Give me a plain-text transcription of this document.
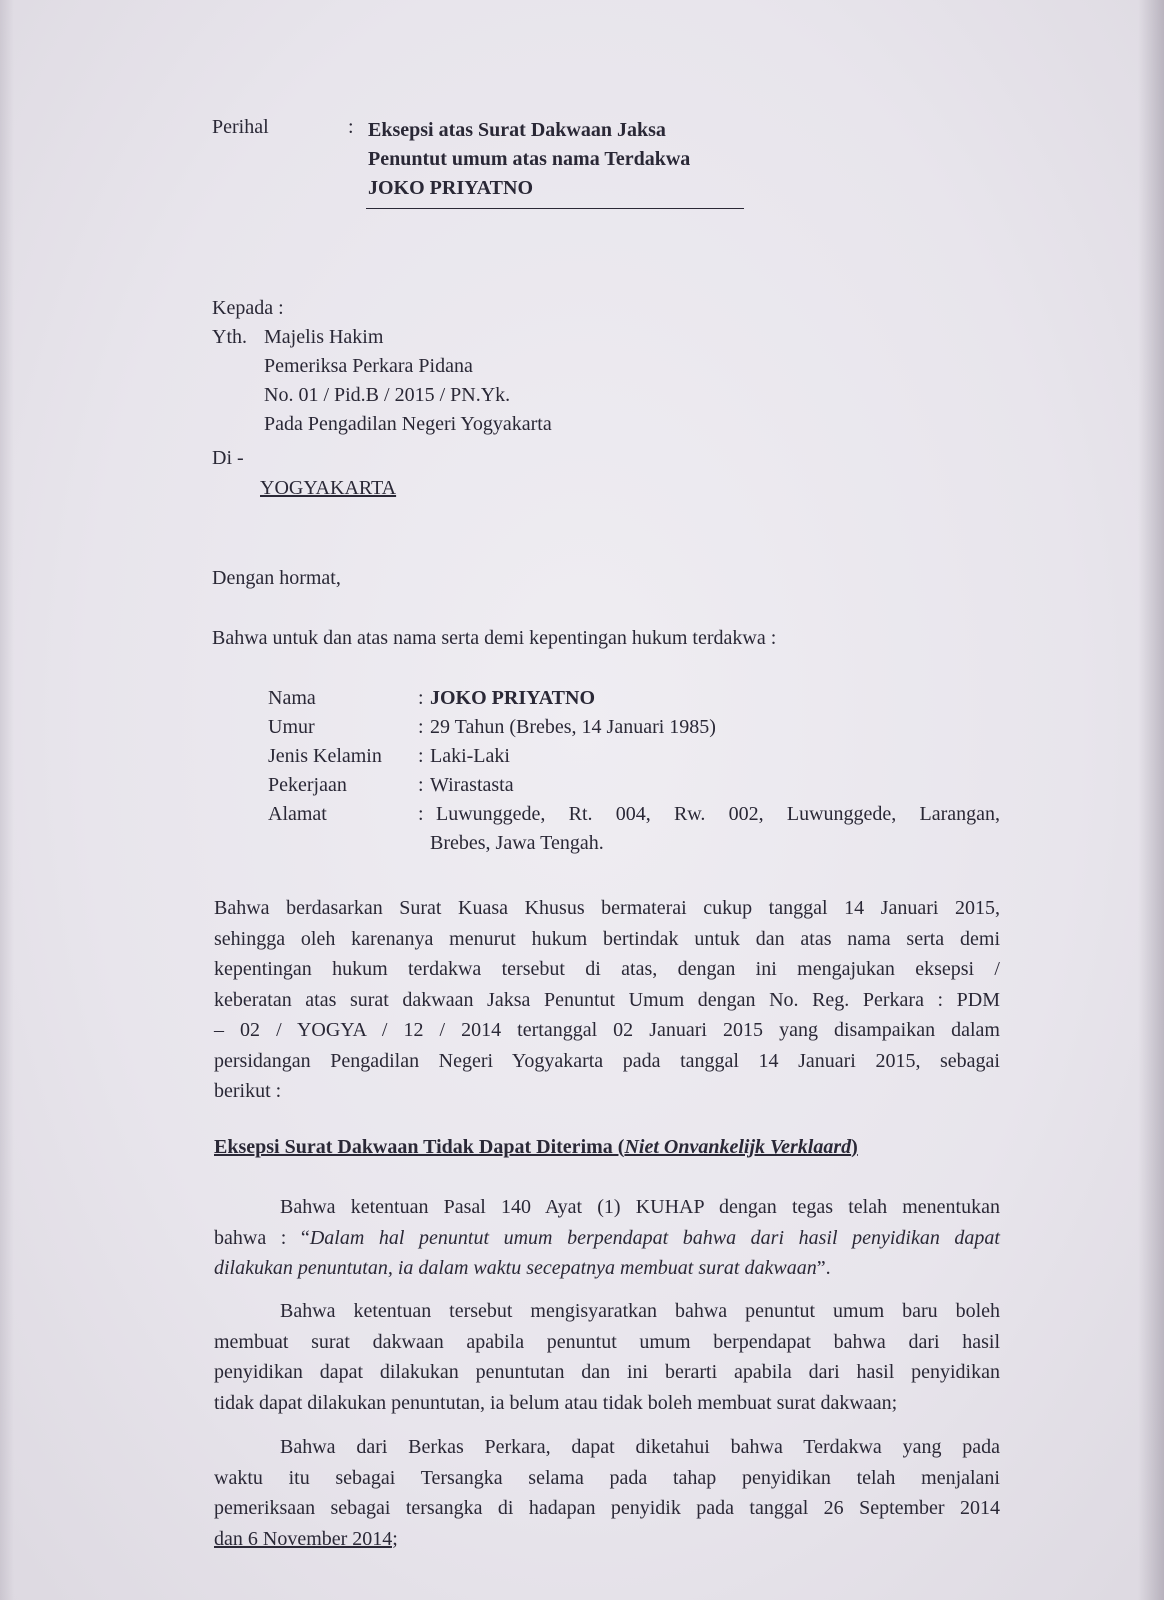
Perihal	: Eksepsi atas Surat Dakwaan Jaksa
Penuntut umum atas nama Terdakwa
JOKO PRIYATNO
Kepada :
Yth. Majelis Hakim
Pemeriksa Perkara Pidana
No. 01 / Pid.B / 2015 / PN.Yk.
Pada Pengadilan Negeri Yogyakarta
Di -
YOGYAKARTA
Dengan hormat,
Bahwa untuk dan atas nama serta demi kepentingan hukum terdakwa :
Nama	: JOKO PRIYATNO
Umur	: 29 Tahun (Brebes, 14 Januari 1985)
Jenis Kelamin : Laki-Laki
Pekerjaan	: Wirastasta
Alamat	: Luwunggede, Rt. 004, Rw. 002, Luwunggede, Larangan,
Brebes, Jawa Tengah.
Bahwa berdasarkan Surat Kuasa Khusus bermaterai cukup tanggal 14 Januari 2015,
sehingga oleh karenanya menurut hukum bertindak untuk dan atas nama serta demi
kepentingan hukum terdakwa tersebut di atas, dengan ini mengajukan eksepsi /
keberatan atas surat dakwaan Jaksa Penuntut Umum dengan No. Reg. Perkara : PDM
– 02 / YOGYA / 12 / 2014 tertanggal 02 Januari 2015 yang disampaikan dalam
persidangan Pengadilan Negeri Yogyakarta pada tanggal 14 Januari 2015, sebagai
berikut :
Eksepsi Surat Dakwaan Tidak Dapat Diterima (Niet Onvankelijk Verklaard)
Bahwa ketentuan Pasal 140 Ayat (1) KUHAP dengan tegas telah menentukan
bahwa : “Dalam hal penuntut umum berpendapat bahwa dari hasil penyidikan dapat
dilakukan penuntutan, ia dalam waktu secepatnya membuat surat dakwaan”.
Bahwa ketentuan tersebut mengisyaratkan bahwa penuntut umum baru boleh
membuat surat dakwaan apabila penuntut umum berpendapat bahwa dari hasil
penyidikan dapat dilakukan penuntutan dan ini berarti apabila dari hasil penyidikan
tidak dapat dilakukan penuntutan, ia belum atau tidak boleh membuat surat dakwaan;
Bahwa dari Berkas Perkara, dapat diketahui bahwa Terdakwa yang pada
waktu itu sebagai Tersangka selama pada tahap penyidikan telah menjalani
pemeriksaan sebagai tersangka di hadapan penyidik pada tanggal 26 September 2014
dan 6 November 2014;
